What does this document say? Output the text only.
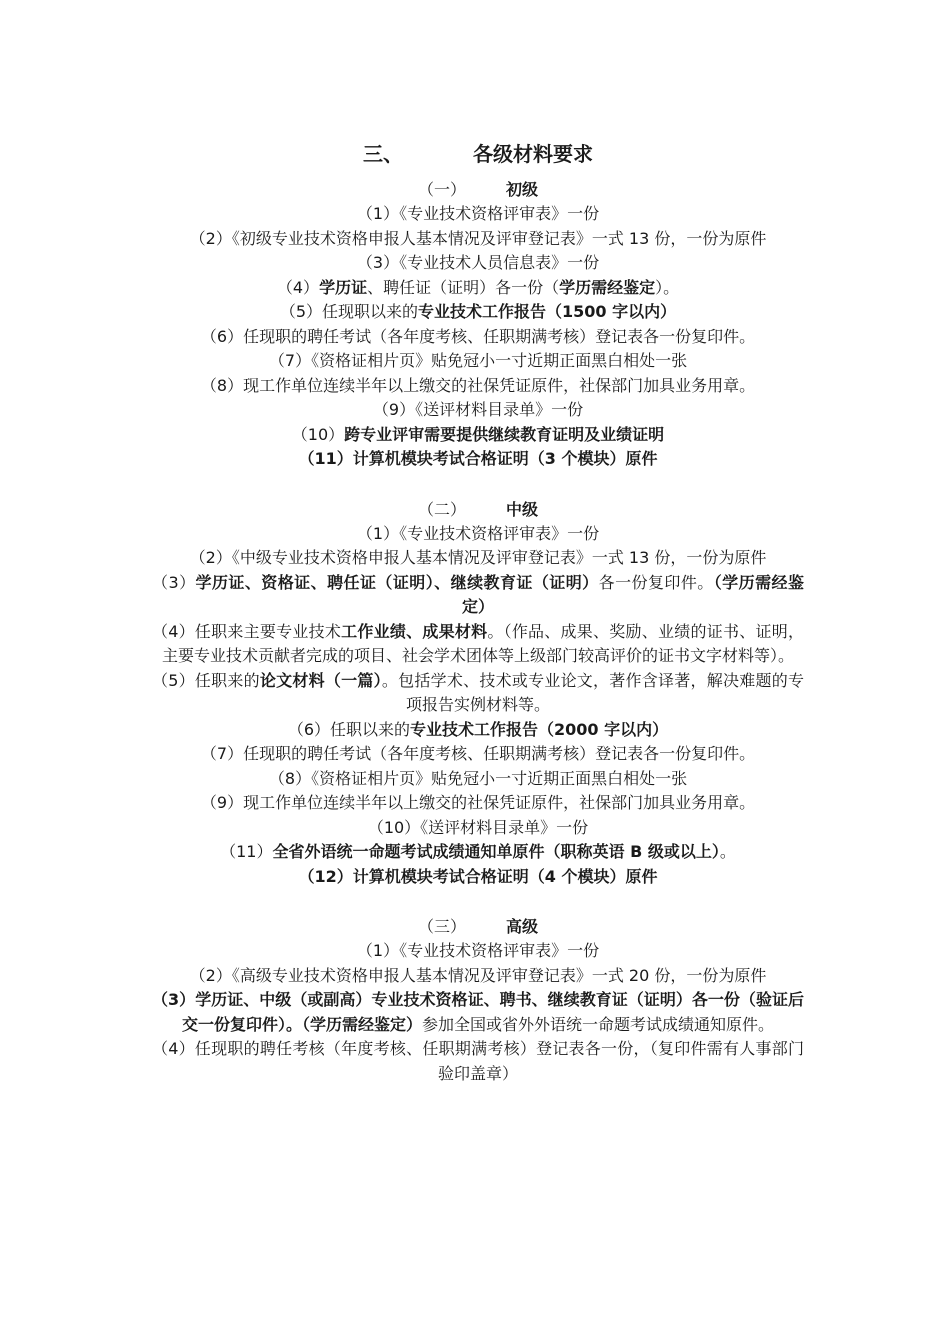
三、	各级材料要求
（一） 初级

（1）《专业技术资格评审表》一份

（2）《初级专业技术资格申报人基本情况及评审登记表》一式 13 份，一份为原件

（3）《专业技术人员信息表》一份

（4）学历证、聘任证（证明）各一份（学历需经鉴定）。

（5）任现职以来的专业技术工作报告（1500 字以内）

（6）任现职的聘任考试（各年度考核、任职期满考核）登记表各一份复印件。

（7）《资格证相片页》贴免冠小一寸近期正面黑白相处一张

（8）现工作单位连续半年以上缴交的社保凭证原件，社保部门加具业务用章。

（9）《送评材料目录单》一份

（10）跨专业评审需要提供继续教育证明及业绩证明

（11）计算机模块考试合格证明（3 个模块）原件

（二） 中级

（1）《专业技术资格评审表》一份

（2）《中级专业技术资格申报人基本情况及评审登记表》一式 13 份，一份为原件

（3）学历证、资格证、聘任证（证明）、继续教育证（证明）各一份复印件。（学历需经鉴定）

（4）任职来主要专业技术工作业绩、成果材料。（作品、成果、奖励、业绩的证书、证明，主要专业技术贡献者完成的项目、社会学术团体等上级部门较高评价的证书文字材料等）。

（5）任职来的论文材料（一篇）。包括学术、技术或专业论文，著作含译著，解决难题的专项报告实例材料等。

（6）任职以来的专业技术工作报告（2000 字以内）

（7）任现职的聘任考试（各年度考核、任职期满考核）登记表各一份复印件。

（8）《资格证相片页》贴免冠小一寸近期正面黑白相处一张

（9）现工作单位连续半年以上缴交的社保凭证原件，社保部门加具业务用章。

（10）《送评材料目录单》一份

（11）全省外语统一命题考试成绩通知单原件（职称英语 B 级或以上）。

（12）计算机模块考试合格证明（4 个模块）原件

（三） 高级

（1）《专业技术资格评审表》一份

（2）《高级专业技术资格申报人基本情况及评审登记表》一式 20 份，一份为原件

（3）学历证、中级（或副高）专业技术资格证、聘书、继续教育证（证明）各一份（验证后交一份复印件）。（学历需经鉴定）参加全国或省外外语统一命题考试成绩通知原件。

（4）任现职的聘任考核（年度考核、任职期满考核）登记表各一份，（复印件需有人事部门验印盖章）
